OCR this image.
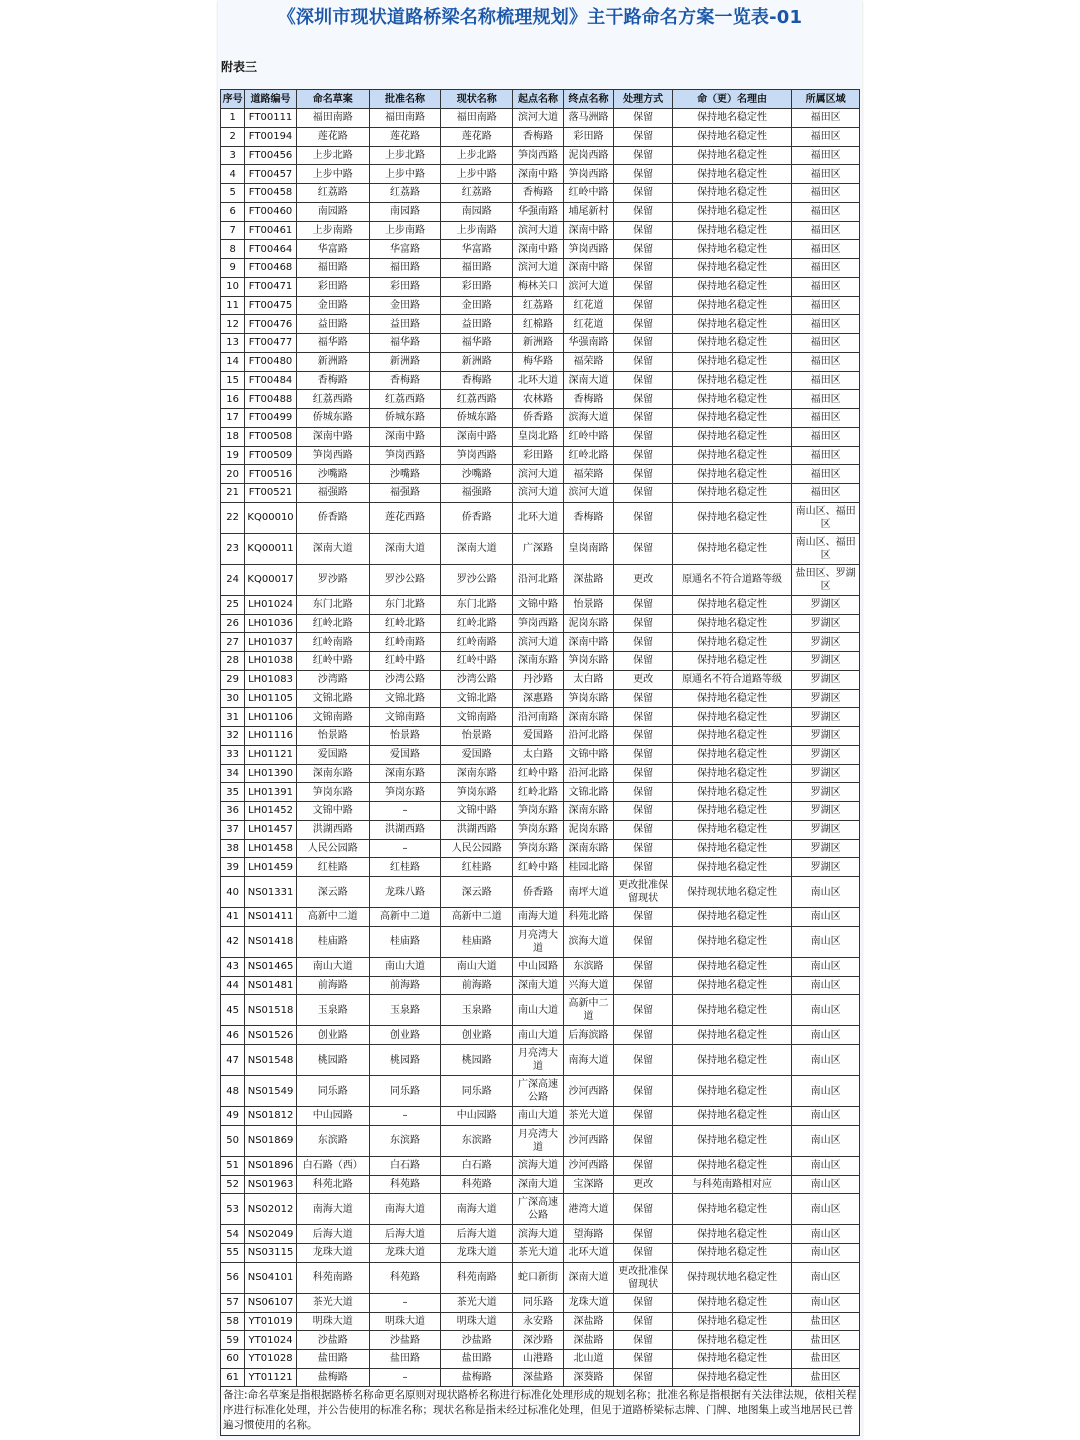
《深圳市现状道路桥梁名称梳理规划》主干路命名方案一览表-01
附表三
序号	道路编号	命名草案	批准名称	现状名称	起点名称	终点名称	处理方式	命（更）名理由	所属区域
1	FT00111	福田南路	福田南路	福田南路	滨河大道	落马洲路	保留	保持地名稳定性	福田区
2	FT00194	莲花路	莲花路	莲花路	香梅路	彩田路	保留	保持地名稳定性	福田区
3	FT00456	上步北路	上步北路	上步北路	笋岗西路	泥岗西路	保留	保持地名稳定性	福田区
4	FT00457	上步中路	上步中路	上步中路	深南中路	笋岗西路	保留	保持地名稳定性	福田区
5	FT00458	红荔路	红荔路	红荔路	香梅路	红岭中路	保留	保持地名稳定性	福田区
6	FT00460	南园路	南园路	南园路	华强南路	埔尾新村	保留	保持地名稳定性	福田区
7	FT00461	上步南路	上步南路	上步南路	滨河大道	深南中路	保留	保持地名稳定性	福田区
8	FT00464	华富路	华富路	华富路	深南中路	笋岗西路	保留	保持地名稳定性	福田区
9	FT00468	福田路	福田路	福田路	滨河大道	深南中路	保留	保持地名稳定性	福田区
10	FT00471	彩田路	彩田路	彩田路	梅林关口	滨河大道	保留	保持地名稳定性	福田区
11	FT00475	金田路	金田路	金田路	红荔路	红花道	保留	保持地名稳定性	福田区
12	FT00476	益田路	益田路	益田路	红棉路	红花道	保留	保持地名稳定性	福田区
13	FT00477	福华路	福华路	福华路	新洲路	华强南路	保留	保持地名稳定性	福田区
14	FT00480	新洲路	新洲路	新洲路	梅华路	福荣路	保留	保持地名稳定性	福田区
15	FT00484	香梅路	香梅路	香梅路	北环大道	深南大道	保留	保持地名稳定性	福田区
16	FT00488	红荔西路	红荔西路	红荔西路	农林路	香梅路	保留	保持地名稳定性	福田区
17	FT00499	侨城东路	侨城东路	侨城东路	侨香路	滨海大道	保留	保持地名稳定性	福田区
18	FT00508	深南中路	深南中路	深南中路	皇岗北路	红岭中路	保留	保持地名稳定性	福田区
19	FT00509	笋岗西路	笋岗西路	笋岗西路	彩田路	红岭北路	保留	保持地名稳定性	福田区
20	FT00516	沙嘴路	沙嘴路	沙嘴路	滨河大道	福荣路	保留	保持地名稳定性	福田区
21	FT00521	福强路	福强路	福强路	滨河大道	滨河大道	保留	保持地名稳定性	福田区
22	KQ00010	侨香路	莲花西路	侨香路	北环大道	香梅路	保留	保持地名稳定性	南山区、福田区
23	KQ00011	深南大道	深南大道	深南大道	广深路	皇岗南路	保留	保持地名稳定性	南山区、福田区
24	KQ00017	罗沙路	罗沙公路	罗沙公路	沿河北路	深盐路	更改	原通名不符合道路等级	盐田区、罗湖区
25	LH01024	东门北路	东门北路	东门北路	文锦中路	怡景路	保留	保持地名稳定性	罗湖区
26	LH01036	红岭北路	红岭北路	红岭北路	笋岗西路	泥岗东路	保留	保持地名稳定性	罗湖区
27	LH01037	红岭南路	红岭南路	红岭南路	滨河大道	深南中路	保留	保持地名稳定性	罗湖区
28	LH01038	红岭中路	红岭中路	红岭中路	深南东路	笋岗东路	保留	保持地名稳定性	罗湖区
29	LH01083	沙湾路	沙湾公路	沙湾公路	丹沙路	太白路	更改	原通名不符合道路等级	罗湖区
30	LH01105	文锦北路	文锦北路	文锦北路	深惠路	笋岗东路	保留	保持地名稳定性	罗湖区
31	LH01106	文锦南路	文锦南路	文锦南路	沿河南路	深南东路	保留	保持地名稳定性	罗湖区
32	LH01116	怡景路	怡景路	怡景路	爱国路	沿河北路	保留	保持地名稳定性	罗湖区
33	LH01121	爱国路	爱国路	爱国路	太白路	文锦中路	保留	保持地名稳定性	罗湖区
34	LH01390	深南东路	深南东路	深南东路	红岭中路	沿河北路	保留	保持地名稳定性	罗湖区
35	LH01391	笋岗东路	笋岗东路	笋岗东路	红岭北路	文锦北路	保留	保持地名稳定性	罗湖区
36	LH01452	文锦中路	–	文锦中路	笋岗东路	深南东路	保留	保持地名稳定性	罗湖区
37	LH01457	洪湖西路	洪湖西路	洪湖西路	笋岗东路	泥岗东路	保留	保持地名稳定性	罗湖区
38	LH01458	人民公园路	–	人民公园路	笋岗东路	深南东路	保留	保持地名稳定性	罗湖区
39	LH01459	红桂路	红桂路	红桂路	红岭中路	桂园北路	保留	保持地名稳定性	罗湖区
40	NS01331	深云路	龙珠八路	深云路	侨香路	南坪大道	更改批准保留现状	保持现状地名稳定性	南山区
41	NS01411	高新中二道	高新中二道	高新中二道	南海大道	科苑北路	保留	保持地名稳定性	南山区
42	NS01418	桂庙路	桂庙路	桂庙路	月亮湾大道	滨海大道	保留	保持地名稳定性	南山区
43	NS01465	南山大道	南山大道	南山大道	中山园路	东滨路	保留	保持地名稳定性	南山区
44	NS01481	前海路	前海路	前海路	深南大道	兴海大道	保留	保持地名稳定性	南山区
45	NS01518	玉泉路	玉泉路	玉泉路	南山大道	高新中二道	保留	保持地名稳定性	南山区
46	NS01526	创业路	创业路	创业路	南山大道	后海滨路	保留	保持地名稳定性	南山区
47	NS01548	桃园路	桃园路	桃园路	月亮湾大道	南海大道	保留	保持地名稳定性	南山区
48	NS01549	同乐路	同乐路	同乐路	广深高速公路	沙河西路	保留	保持地名稳定性	南山区
49	NS01812	中山园路	–	中山园路	南山大道	茶光大道	保留	保持地名稳定性	南山区
50	NS01869	东滨路	东滨路	东滨路	月亮湾大道	沙河西路	保留	保持地名稳定性	南山区
51	NS01896	白石路（西）	白石路	白石路	滨海大道	沙河西路	保留	保持地名稳定性	南山区
52	NS01963	科苑北路	科苑路	科苑路	深南大道	宝深路	更改	与科苑南路相对应	南山区
53	NS02012	南海大道	南海大道	南海大道	广深高速公路	港湾大道	保留	保持地名稳定性	南山区
54	NS02049	后海大道	后海大道	后海大道	滨海大道	望海路	保留	保持地名稳定性	南山区
55	NS03115	龙珠大道	龙珠大道	龙珠大道	茶光大道	北环大道	保留	保持地名稳定性	南山区
56	NS04101	科苑南路	科苑路	科苑南路	蛇口新街	深南大道	更改批准保留现状	保持现状地名稳定性	南山区
57	NS06107	茶光大道	–	茶光大道	同乐路	龙珠大道	保留	保持地名稳定性	南山区
58	YT01019	明珠大道	明珠大道	明珠大道	永安路	深盐路	保留	保持地名稳定性	盐田区
59	YT01024	沙盐路	沙盐路	沙盐路	深沙路	深盐路	保留	保持地名稳定性	盐田区
60	YT01028	盐田路	盐田路	盐田路	山港路	北山道	保留	保持地名稳定性	盐田区
61	YT01121	盐梅路	–	盐梅路	深盐路	深葵路	保留	保持地名稳定性	盐田区
备注:命名草案是指根据路桥名称命更名原则对现状路桥名称进行标准化处理形成的规划名称；批准名称是指根据有关法律法规，依相关程序进行标准化处理，并公告使用的标准名称；现状名称是指未经过标准化处理，但见于道路桥梁标志牌、门牌、地图集上或当地居民已普遍习惯使用的名称。
